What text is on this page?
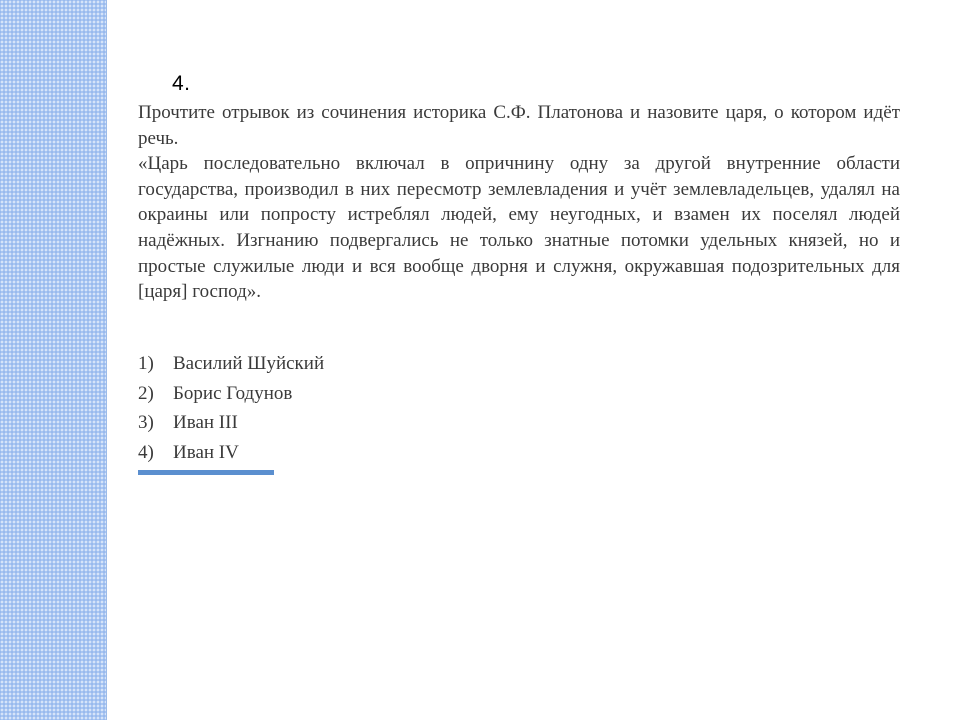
4.

Прочтите отрывок из сочинения историка С.Ф. Платонова и назовите царя, о котором идёт речь.

«Царь последовательно включал в опричнину одну за другой внутренние области государства, производил в них пересмотр землевладения и учёт землевладельцев, удалял на окраины или попросту истреблял людей, ему неугодных, и взамен их поселял людей надёжных. Изгнанию подвергались не только знатные потомки удельных князей, но и простые служилые люди и вся вообще дворня и служня, окружавшая подозрительных для [царя] господ».

1) Василий Шуйский
2) Борис Годунов
3) Иван III
4) Иван IV
